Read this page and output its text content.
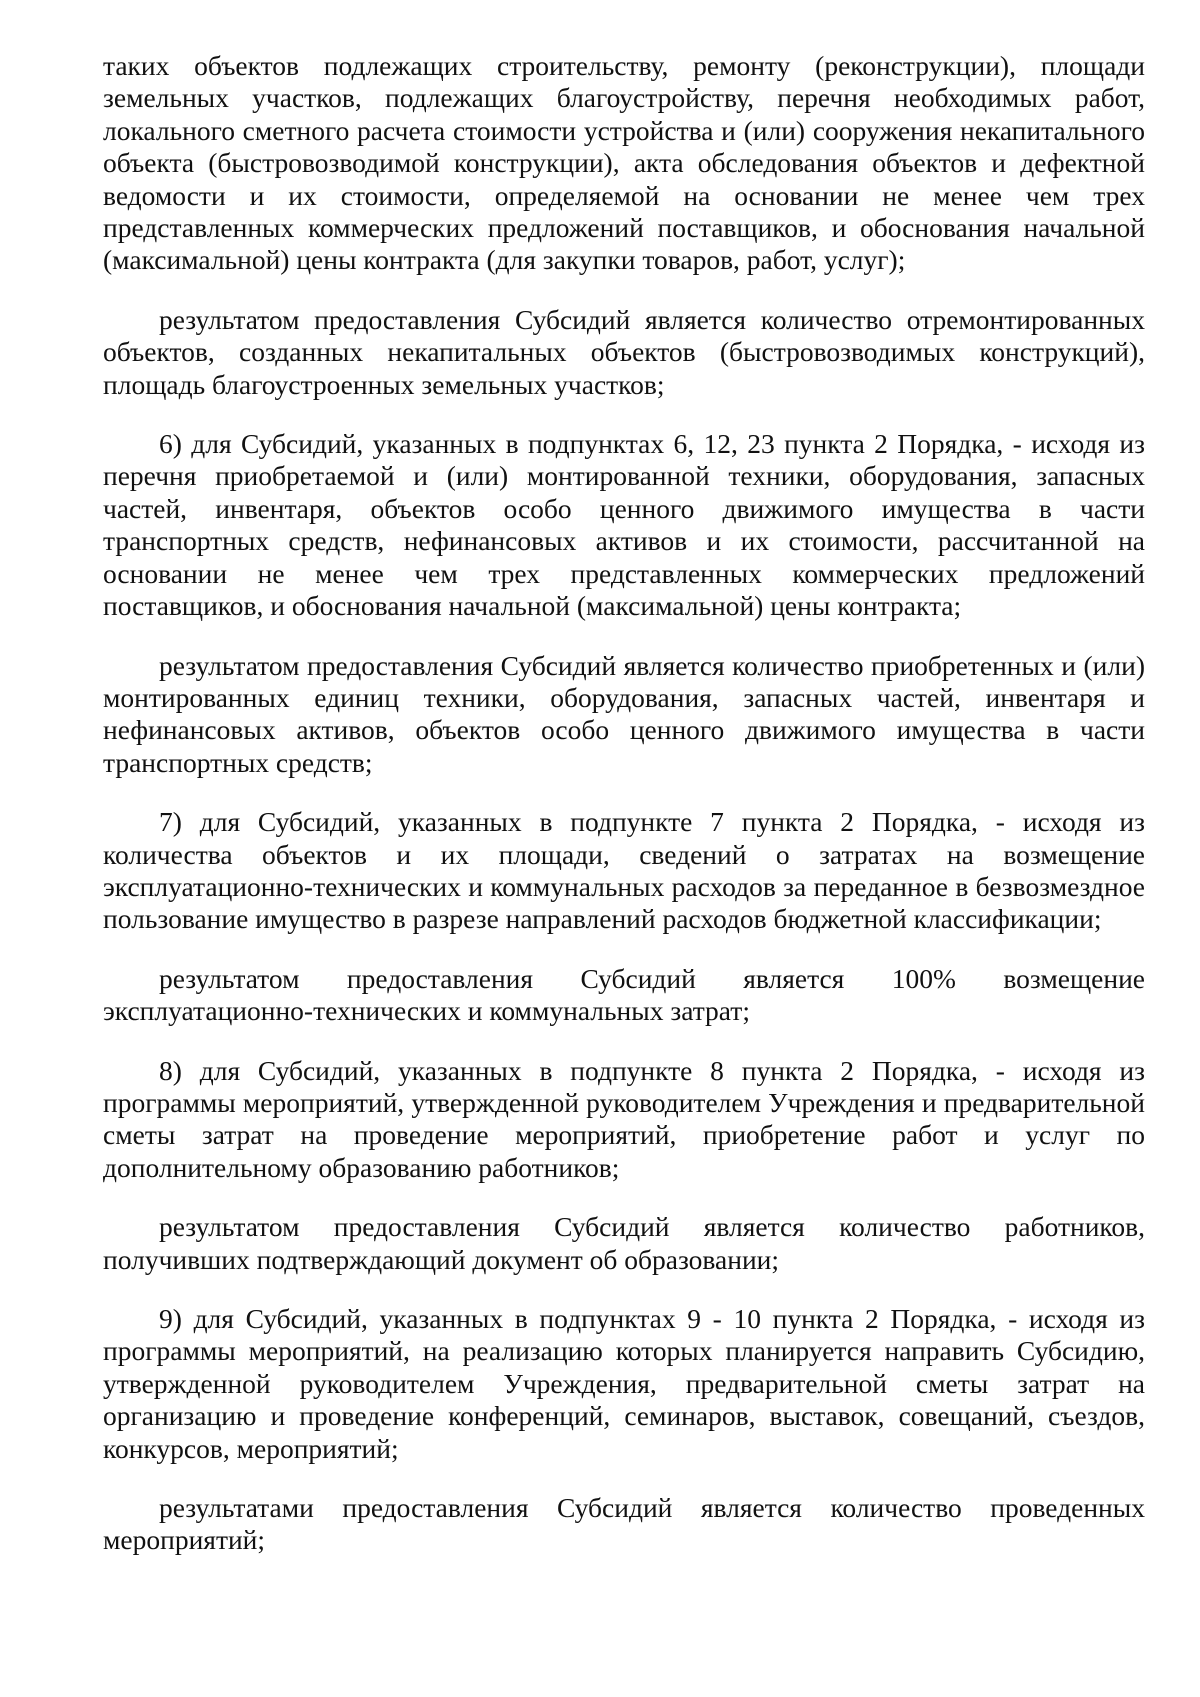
таких объектов подлежащих строительству, ремонту (реконструкции), площади земельных участков, подлежащих благоустройству, перечня необходимых работ, локального сметного расчета стоимости устройства и (или) сооружения некапитального объекта (быстровозводимой конструкции), акта обследования объектов и дефектной ведомости и их стоимости, определяемой на основании не менее чем трех представленных коммерческих предложений поставщиков, и обоснования начальной (максимальной) цены контракта (для закупки товаров, работ, услуг);

результатом предоставления Субсидий является количество отремонтированных объектов, созданных некапитальных объектов (быстровозводимых конструкций), площадь благоустроенных земельных участков;

6) для Субсидий, указанных в подпунктах 6, 12, 23 пункта 2 Порядка, - исходя из перечня приобретаемой и (или) монтированной техники, оборудования, запасных частей, инвентаря, объектов особо ценного движимого имущества в части транспортных средств, нефинансовых активов и их стоимости, рассчитанной на основании не менее чем трех представленных коммерческих предложений поставщиков, и обоснования начальной (максимальной) цены контракта;

результатом предоставления Субсидий является количество приобретенных и (или) монтированных единиц техники, оборудования, запасных частей, инвентаря и нефинансовых активов, объектов особо ценного движимого имущества в части транспортных средств;

7) для Субсидий, указанных в подпункте 7 пункта 2 Порядка, - исходя из количества объектов и их площади, сведений о затратах на возмещение эксплуатационно-технических и коммунальных расходов за переданное в безвозмездное пользование имущество в разрезе направлений расходов бюджетной классификации;

результатом предоставления Субсидий является 100% возмещение эксплуатационно-технических и коммунальных затрат;

8) для Субсидий, указанных в подпункте 8 пункта 2 Порядка, - исходя из программы мероприятий, утвержденной руководителем Учреждения и предварительной сметы затрат на проведение мероприятий, приобретение работ и услуг по дополнительному образованию работников;

результатом предоставления Субсидий является количество работников, получивших подтверждающий документ об образовании;

9) для Субсидий, указанных в подпунктах 9 - 10 пункта 2 Порядка, - исходя из программы мероприятий, на реализацию которых планируется направить Субсидию, утвержденной руководителем Учреждения, предварительной сметы затрат на организацию и проведение конференций, семинаров, выставок, совещаний, съездов, конкурсов, мероприятий;

результатами предоставления Субсидий является количество проведенных мероприятий;
